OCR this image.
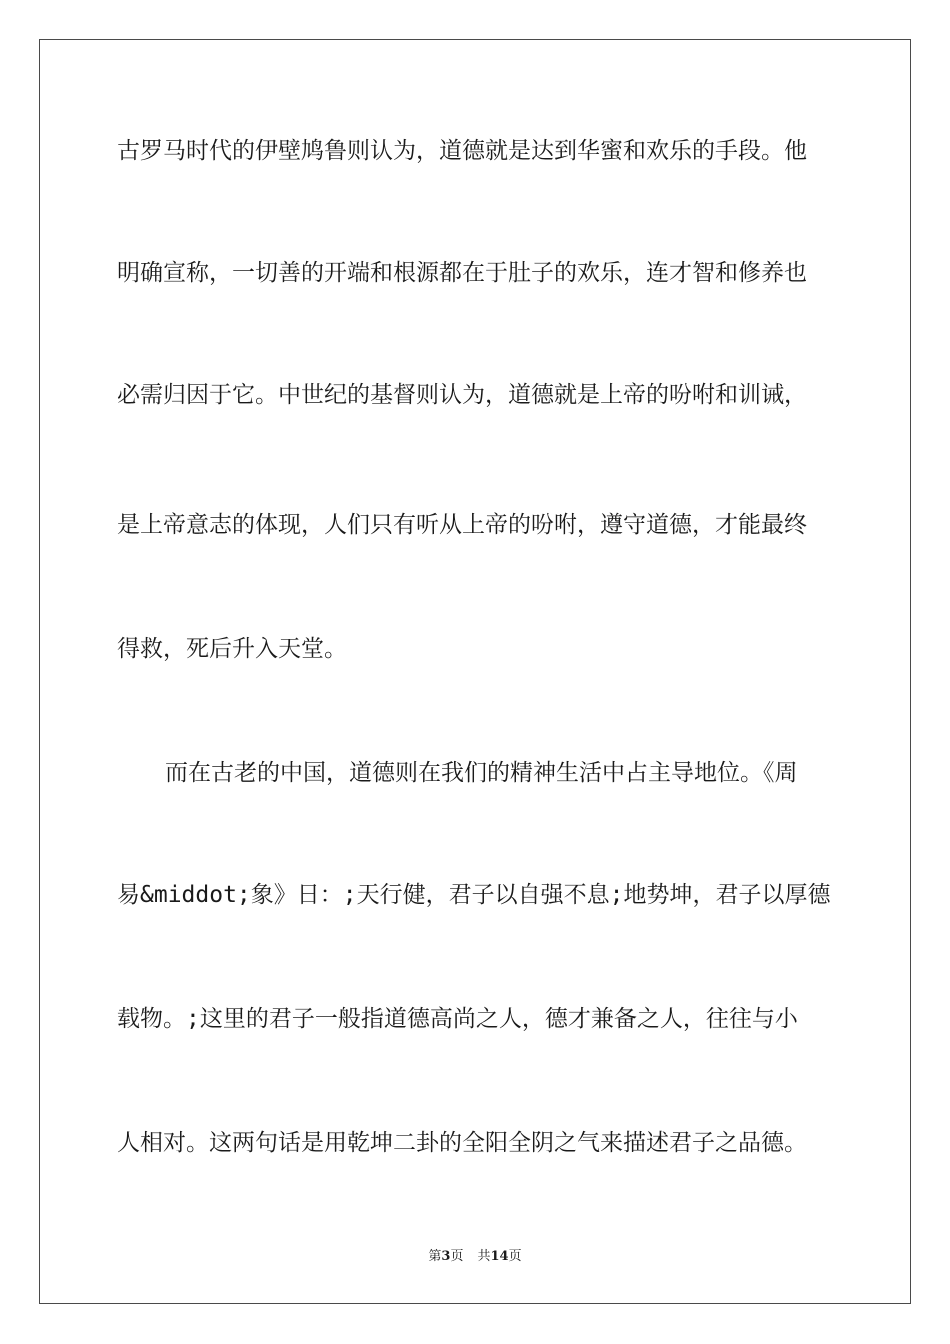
古罗马时代的伊壁鸠鲁则认为，道德就是达到华蜜和欢乐的手段。他
明确宣称，一切善的开端和根源都在于肚子的欢乐，连才智和修养也
必需归因于它。中世纪的基督则认为，道德就是上帝的吩咐和训诫，
是上帝意志的体现，人们只有听从上帝的吩咐，遵守道德，才能最终
得救，死后升入天堂。
而在古老的中国，道德则在我们的精神生活中占主导地位。《周
易&middot;象》日：;天行健，君子以自强不息;地势坤，君子以厚德
载物。;这里的君子一般指道德高尚之人，德才兼备之人，往往与小
人相对。这两句话是用乾坤二卦的全阳全阴之气来描述君子之品德。
第3页 共14页
